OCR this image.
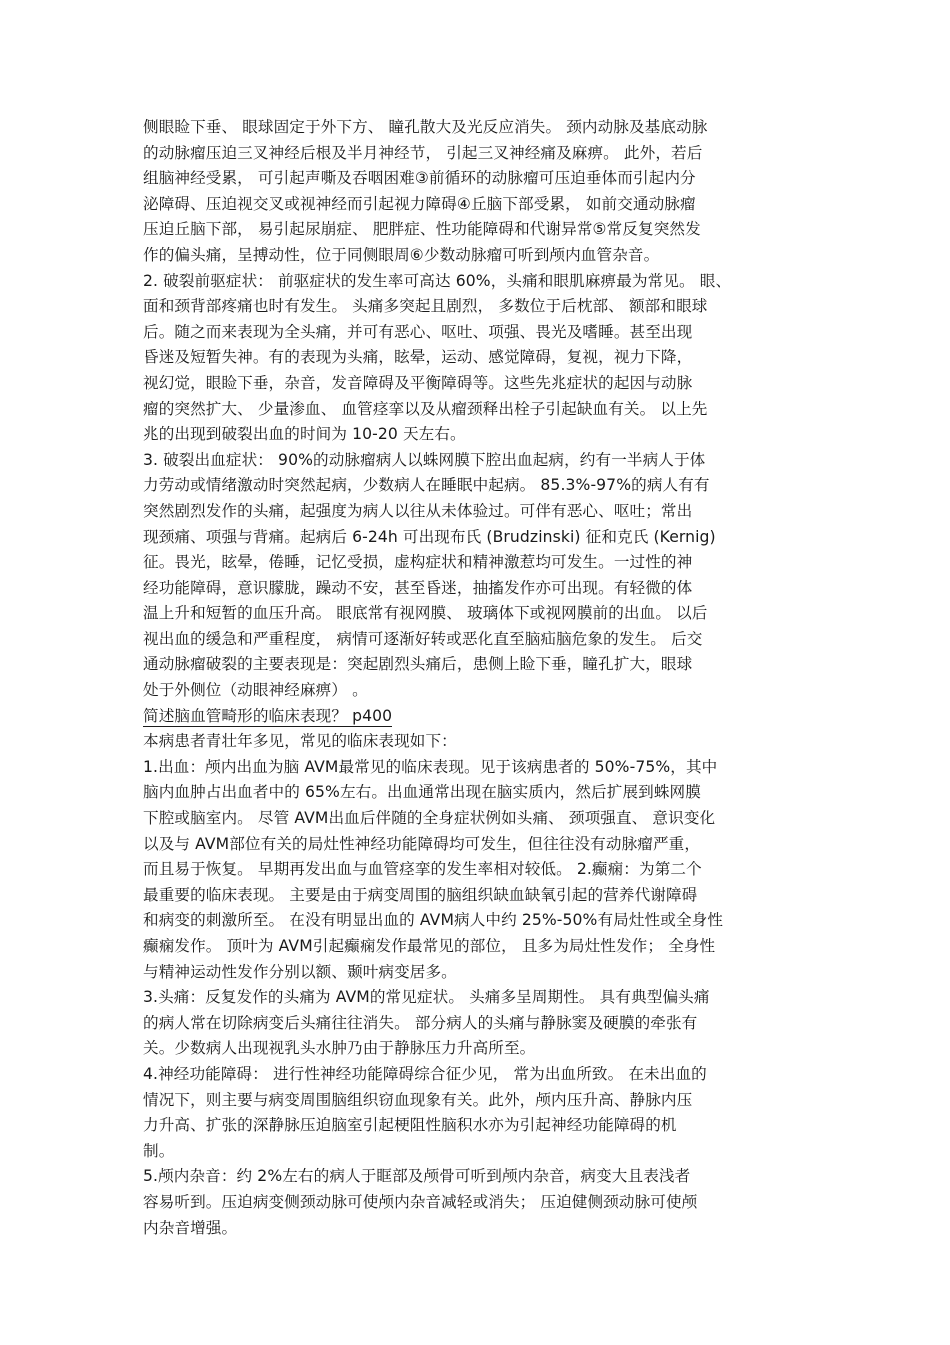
侧眼睑下垂、 眼球固定于外下方、 瞳孔散大及光反应消失。 颈内动脉及基底动脉
的动脉瘤压迫三叉神经后根及半月神经节， 引起三叉神经痛及麻痹。 此外，若后
组脑神经受累， 可引起声嘶及吞咽困难③前循环的动脉瘤可压迫垂体而引起内分
泌障碍、压迫视交叉或视神经而引起视力障碍④丘脑下部受累， 如前交通动脉瘤
压迫丘脑下部， 易引起尿崩症、 肥胖症、性功能障碍和代谢异常⑤常反复突然发
作的偏头痛，呈搏动性，位于同侧眼周⑥少数动脉瘤可听到颅内血管杂音。
2. 破裂前驱症状： 前驱症状的发生率可高达 60%，头痛和眼肌麻痹最为常见。 眼、
面和颈背部疼痛也时有发生。 头痛多突起且剧烈， 多数位于后枕部、 额部和眼球
后。随之而来表现为全头痛，并可有恶心、呕吐、项强、畏光及嗜睡。甚至出现
昏迷及短暂失神。有的表现为头痛，眩晕，运动、感觉障碍，复视，视力下降，
视幻觉，眼睑下垂，杂音，发音障碍及平衡障碍等。这些先兆症状的起因与动脉
瘤的突然扩大、 少量渗血、 血管痉挛以及从瘤颈释出栓子引起缺血有关。 以上先
兆的出现到破裂出血的时间为 10-20 天左右。
3. 破裂出血症状： 90%的动脉瘤病人以蛛网膜下腔出血起病，约有一半病人于体
力劳动或情绪激动时突然起病，少数病人在睡眠中起病。 85.3%-97%的病人有有
突然剧烈发作的头痛，起强度为病人以往从未体验过。可伴有恶心、呕吐；常出
现颈痛、项强与背痛。起病后 6-24h 可出现布氏 (Brudzinski) 征和克氏 (Kernig)
征。畏光，眩晕，倦睡，记忆受损，虚构症状和精神激惹均可发生。一过性的神
经功能障碍，意识朦胧，躁动不安，甚至昏迷，抽搐发作亦可出现。有轻微的体
温上升和短暂的血压升高。 眼底常有视网膜、 玻璃体下或视网膜前的出血。 以后
视出血的缓急和严重程度， 病情可逐渐好转或恶化直至脑疝脑危象的发生。 后交
通动脉瘤破裂的主要表现是：突起剧烈头痛后，患侧上睑下垂，瞳孔扩大，眼球
处于外侧位（动眼神经麻痹） 。
简述脑血管畸形的临床表现？ p400
本病患者青壮年多见，常见的临床表现如下：
1.出血：颅内出血为脑 AVM最常见的临床表现。见于该病患者的 50%-75%，其中
脑内血肿占出血者中的 65%左右。出血通常出现在脑实质内，然后扩展到蛛网膜
下腔或脑室内。 尽管 AVM出血后伴随的全身症状例如头痛、 颈项强直、 意识变化
以及与 AVM部位有关的局灶性神经功能障碍均可发生，但往往没有动脉瘤严重，
而且易于恢复。 早期再发出血与血管痉挛的发生率相对较低。 2.癫痫：为第二个
最重要的临床表现。 主要是由于病变周围的脑组织缺血缺氧引起的营养代谢障碍
和病变的刺激所至。 在没有明显出血的 AVM病人中约 25%-50%有局灶性或全身性
癫痫发作。 顶叶为 AVM引起癫痫发作最常见的部位， 且多为局灶性发作； 全身性
与精神运动性发作分别以额、颞叶病变居多。
3.头痛：反复发作的头痛为 AVM的常见症状。 头痛多呈周期性。 具有典型偏头痛
的病人常在切除病变后头痛往往消失。 部分病人的头痛与静脉窦及硬膜的牵张有
关。少数病人出现视乳头水肿乃由于静脉压力升高所至。
4.神经功能障碍： 进行性神经功能障碍综合征少见， 常为出血所致。 在未出血的
情况下，则主要与病变周围脑组织窃血现象有关。此外，颅内压升高、静脉内压
力升高、扩张的深静脉压迫脑室引起梗阻性脑积水亦为引起神经功能障碍的机
制。
5.颅内杂音：约 2%左右的病人于眶部及颅骨可听到颅内杂音，病变大且表浅者
容易听到。压迫病变侧颈动脉可使颅内杂音减轻或消失； 压迫健侧颈动脉可使颅
内杂音增强。
